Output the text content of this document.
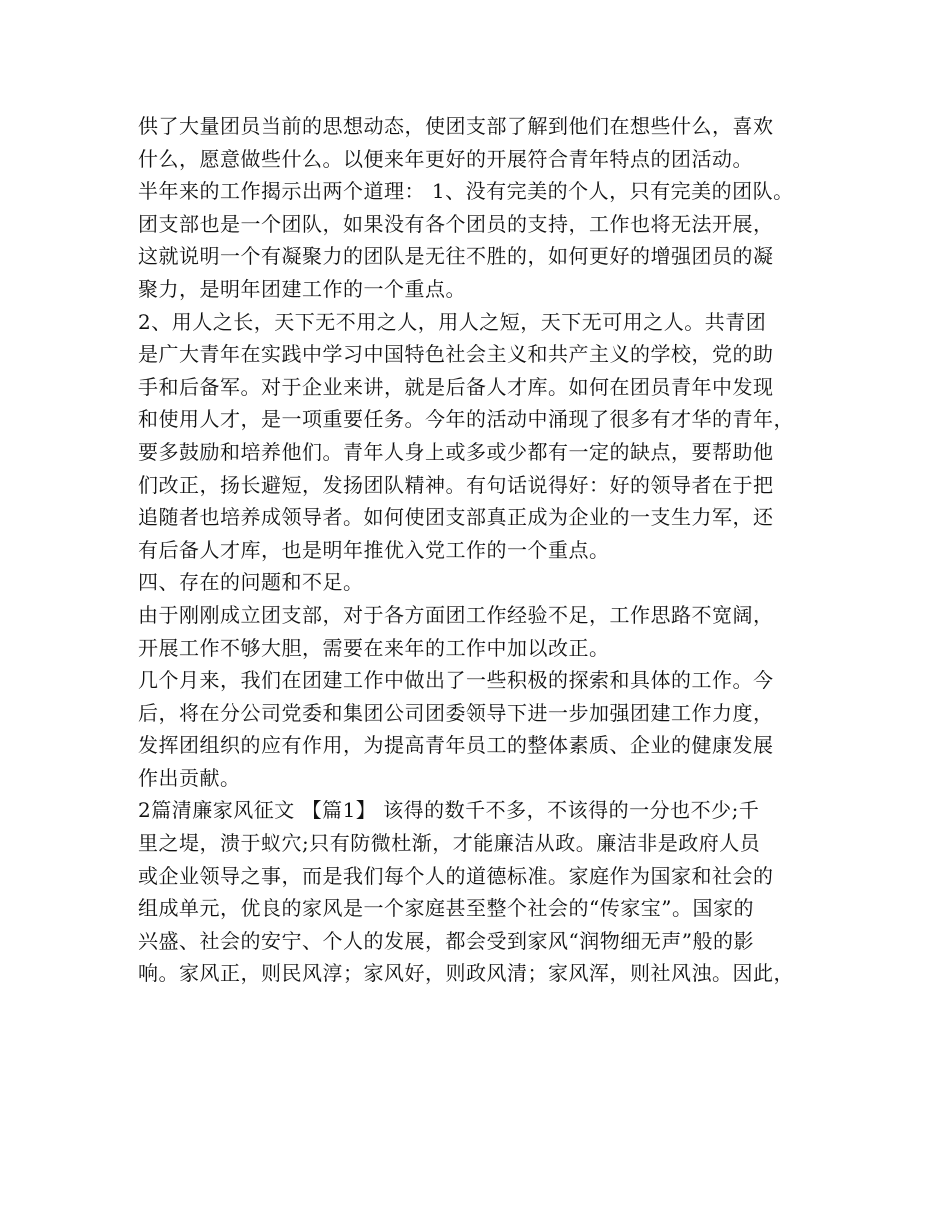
供了大量团员当前的思想动态，使团支部了解到他们在想些什么，喜欢
什么，愿意做些什么。以便来年更好的开展符合青年特点的团活动。
半年来的工作揭示出两个道理： 1、没有完美的个人，只有完美的团队。
团支部也是一个团队，如果没有各个团员的支持，工作也将无法开展，
这就说明一个有凝聚力的团队是无往不胜的，如何更好的增强团员的凝
聚力，是明年团建工作的一个重点。
2、用人之长，天下无不用之人，用人之短，天下无可用之人。共青团
是广大青年在实践中学习中国特色社会主义和共产主义的学校，党的助
手和后备军。对于企业来讲，就是后备人才库。如何在团员青年中发现
和使用人才，是一项重要任务。今年的活动中涌现了很多有才华的青年，
要多鼓励和培养他们。青年人身上或多或少都有一定的缺点，要帮助他
们改正，扬长避短，发扬团队精神。有句话说得好：好的领导者在于把
追随者也培养成领导者。如何使团支部真正成为企业的一支生力军，还
有后备人才库，也是明年推优入党工作的一个重点。
四、存在的问题和不足。
由于刚刚成立团支部，对于各方面团工作经验不足，工作思路不宽阔，
开展工作不够大胆，需要在来年的工作中加以改正。
几个月来，我们在团建工作中做出了一些积极的探索和具体的工作。今
后，将在分公司党委和集团公司团委领导下进一步加强团建工作力度，
发挥团组织的应有作用，为提高青年员工的整体素质、企业的健康发展
作出贡献。
2篇清廉家风征文 【篇1】 该得的数千不多，不该得的一分也不少;千
里之堤，溃于蚁穴;只有防微杜渐，才能廉洁从政。廉洁非是政府人员
或企业领导之事，而是我们每个人的道德标准。家庭作为国家和社会的
组成单元，优良的家风是一个家庭甚至整个社会的“传家宝”。国家的
兴盛、社会的安宁、个人的发展，都会受到家风“润物细无声”般的影
响。家风正，则民风淳；家风好，则政风清；家风浑，则社风浊。因此，
